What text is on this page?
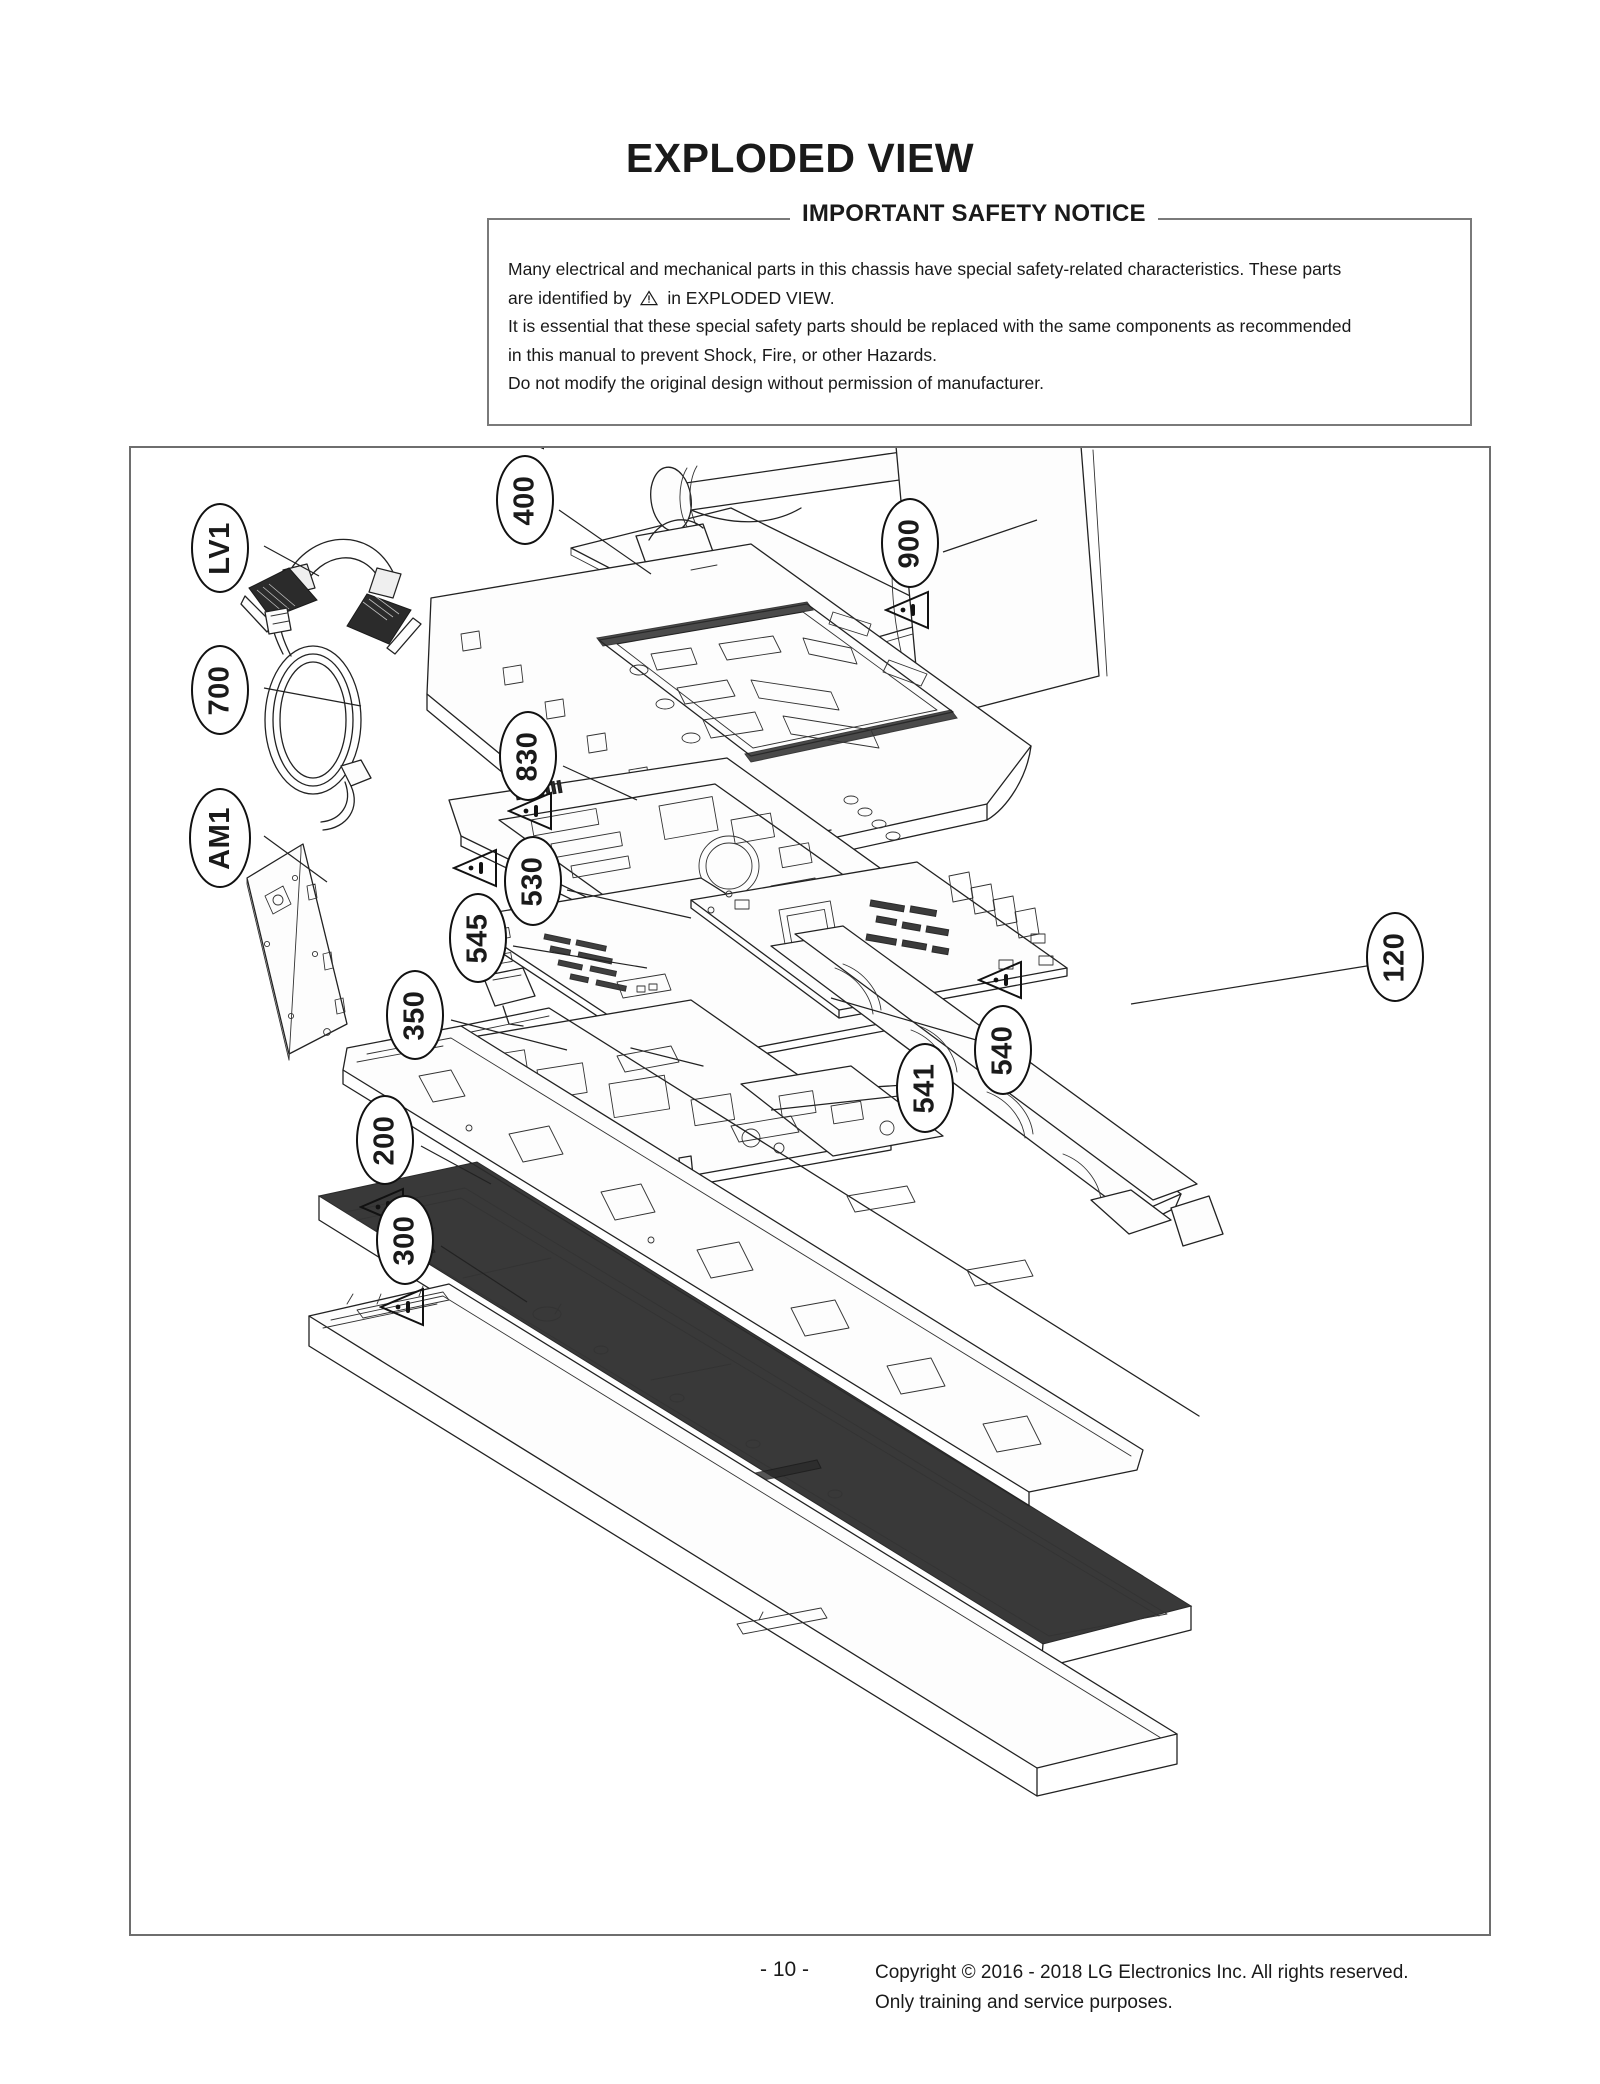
EXPLODED VIEW
IMPORTANT SAFETY NOTICE

Many electrical and mechanical parts in this chassis have special safety-related characteristics. These parts

are identified by in EXPLODED VIEW.

It is essential that these special safety parts should be replaced with the same components as recommended

in this manual to prevent Shock, Fire, or other Hazards.

Do not modify the original design without permission of manufacturer.

LV1
700
AM1
400
900
830
530
545	120
350
540
541
200
300
- 10 -	Copyright © 2016 - 2018 LG Electronics Inc. All rights reserved.
Only training and service purposes.
